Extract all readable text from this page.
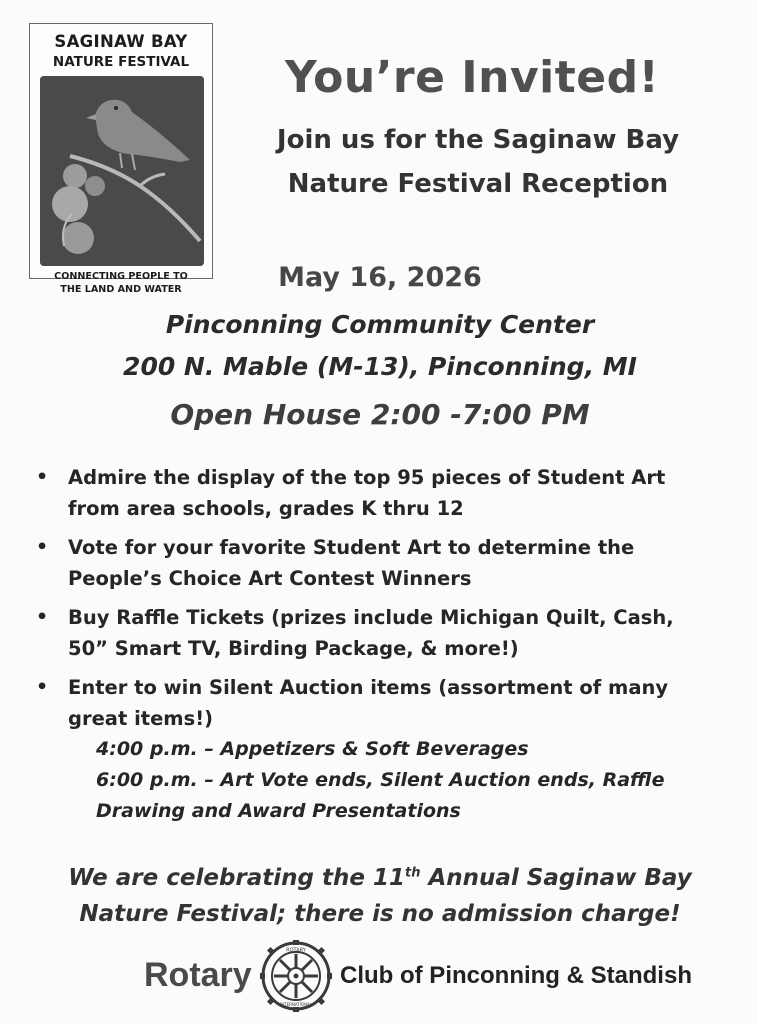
SAGINAW BAY
NATURE FESTIVAL
CONNECTING PEOPLE TO
THE LAND AND WATER
You’re Invited!
Join us for the Saginaw Bay
Nature Festival Reception
May 16, 2026
Pinconning Community Center
200 N. Mable (M-13), Pinconning, MI
Open House 2:00 -7:00 PM
• Admire the display of the top 95 pieces of Student Art
from area schools, grades K thru 12
• Vote for your favorite Student Art to determine the
People’s Choice Art Contest Winners
• Buy Raffle Tickets (prizes include Michigan Quilt, Cash,
50” Smart TV, Birding Package, & more!)
• Enter to win Silent Auction items (assortment of many
great items!)
4:00 p.m. – Appetizers & Soft Beverages
6:00 p.m. – Art Vote ends, Silent Auction ends, Raffle
Drawing and Award Presentations
We are celebrating the 11th Annual Saginaw Bay
Nature Festival; there is no admission charge!
Rotary
ROTARY
INTERNATIONAL
Club of Pinconning & Standish
